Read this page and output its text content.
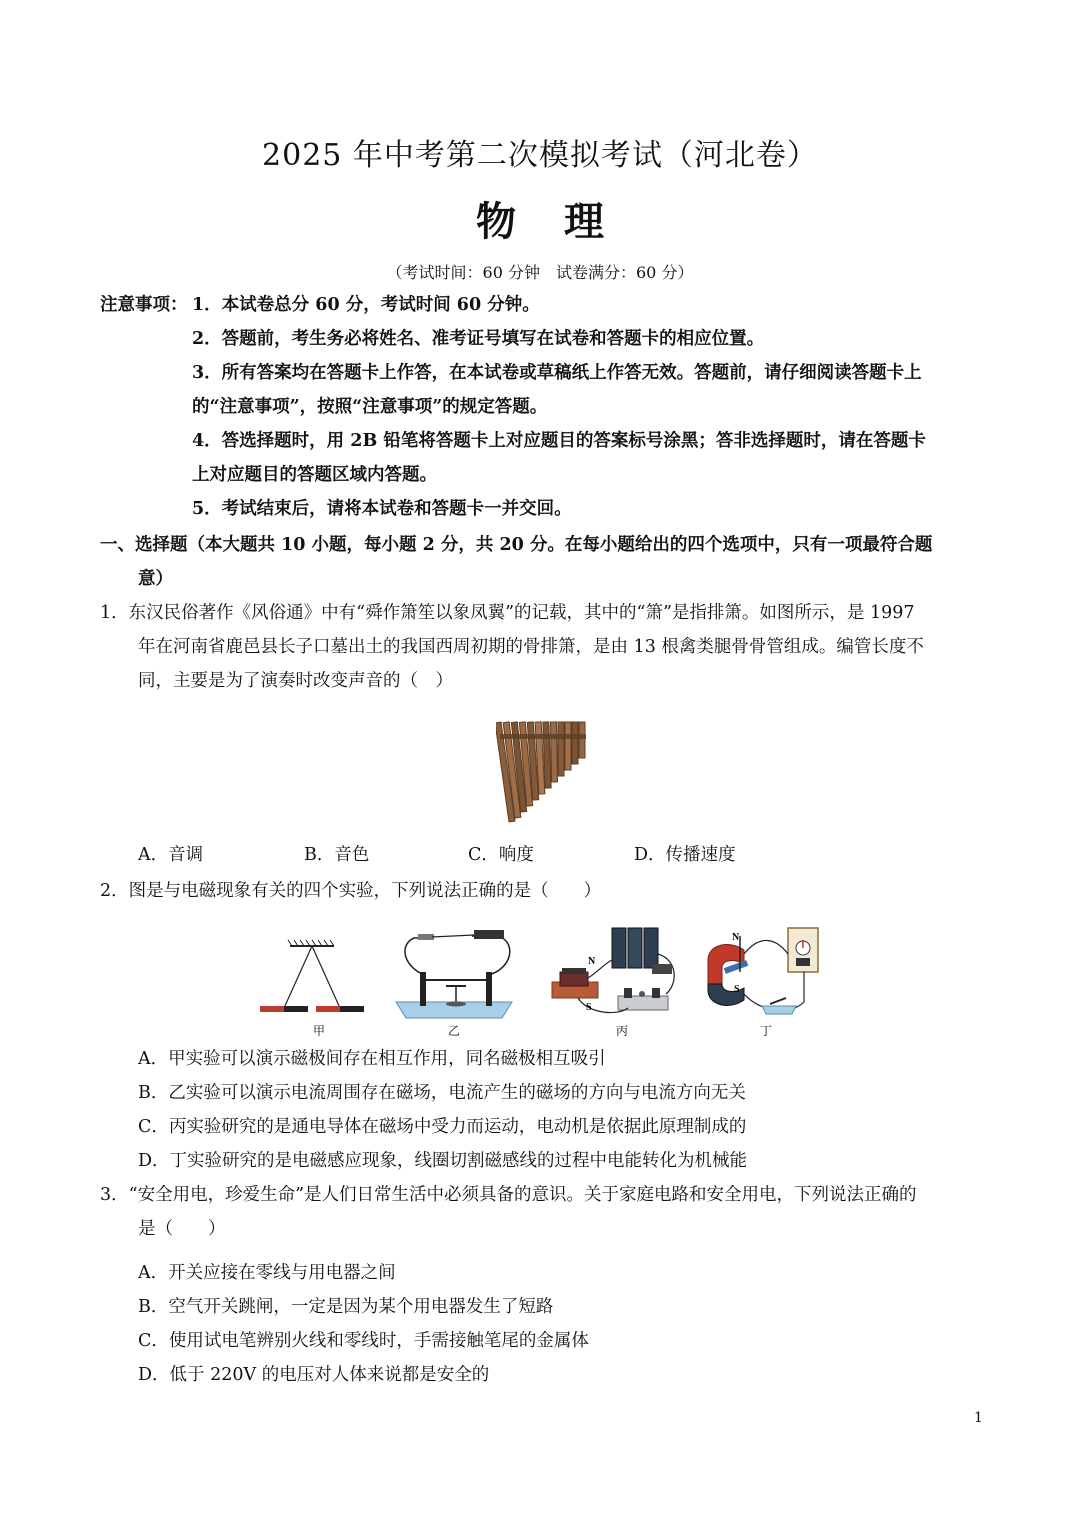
2025 年中考第二次模拟考试（河北卷）
物理
（考试时间：60 分钟　试卷满分：60 分）
注意事项： 1．本试卷总分 60 分，考试时间 60 分钟。
2．答题前，考生务必将姓名、准考证号填写在试卷和答题卡的相应位置。
3．所有答案均在答题卡上作答，在本试卷或草稿纸上作答无效。答题前，请仔细阅读答题卡上
的“注意事项”，按照“注意事项”的规定答题。
4．答选择题时，用 2B 铅笔将答题卡上对应题目的答案标号涂黑；答非选择题时，请在答题卡
上对应题目的答题区域内答题。
5．考试结束后，请将本试卷和答题卡一并交回。
一、选择题（本大题共 10 小题，每小题 2 分，共 20 分。在每小题给出的四个选项中，只有一项最符合题
意）
1．东汉民俗著作《风俗通》中有“舜作箫笙以象凤翼”的记载，其中的“箫”是指排箫。如图所示，是 1997
年在河南省鹿邑县长子口墓出土的我国西周初期的骨排箫，是由 13 根禽类腿骨骨管组成。编管长度不
同，主要是为了演奏时改变声音的（　）
A．音调	B．音色	C．响度	D．传播速度
2．图是与电磁现象有关的四个实验，下列说法正确的是（　　）
甲	乙
N
S
丙
N
S
丁
A．甲实验可以演示磁极间存在相互作用，同名磁极相互吸引
B．乙实验可以演示电流周围存在磁场，电流产生的磁场的方向与电流方向无关
C．丙实验研究的是通电导体在磁场中受力而运动，电动机是依据此原理制成的
D．丁实验研究的是电磁感应现象，线圈切割磁感线的过程中电能转化为机械能
3．“安全用电，珍爱生命”是人们日常生活中必须具备的意识。关于家庭电路和安全用电，下列说法正确的
是（　　）
A．开关应接在零线与用电器之间
B．空气开关跳闸，一定是因为某个用电器发生了短路
C．使用试电笔辨别火线和零线时，手需接触笔尾的金属体
D．低于 220V 的电压对人体来说都是安全的
1
